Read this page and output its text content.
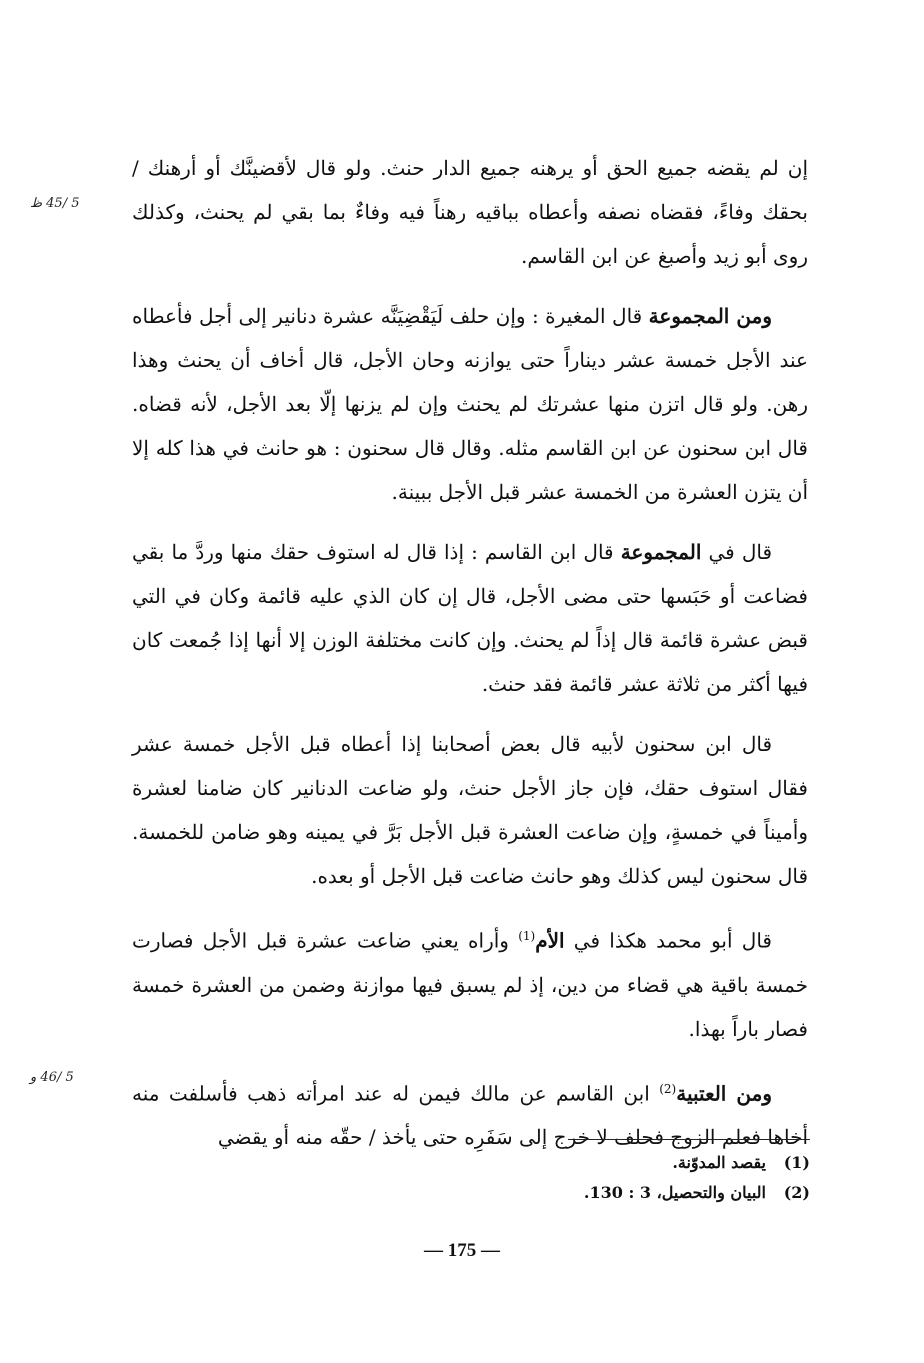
5 /45 ظ
5 /46 و

إن لم يقضه جميع الحق أو يرهنه جميع الدار حنث. ولو قال لأقضينَّك أو أرهنك / بحقك وفاءً، فقضاه نصفه وأعطاه بباقيه رهناً فيه وفاءٌ بما بقي لم يحنث، وكذلك روى أبو زيد وأصبغ عن ابن القاسم.

ومن المجموعة قال المغيرة : وإن حلف لَيَقْضِيَنَّه عشرة دنانير إلى أجل فأعطاه عند الأجل خمسة عشر ديناراً حتى يوازنه وحان الأجل، قال أخاف أن يحنث وهذا رهن. ولو قال اتزن منها عشرتك لم يحنث وإن لم يزنها إلّا بعد الأجل، لأنه قضاه. قال ابن سحنون عن ابن القاسم مثله. وقال قال سحنون : هو حانث في هذا كله إلا أن يتزن العشرة من الخمسة عشر قبل الأجل ببينة.

قال في المجموعة قال ابن القاسم : إذا قال له استوف حقك منها وردَّ ما بقي فضاعت أو حَبَسها حتى مضى الأجل، قال إن كان الذي عليه قائمة وكان في التي قبض عشرة قائمة قال إذاً لم يحنث. وإن كانت مختلفة الوزن إلا أنها إذا جُمعت كان فيها أكثر من ثلاثة عشر قائمة فقد حنث.

قال ابن سحنون لأبيه قال بعض أصحابنا إذا أعطاه قبل الأجل خمسة عشر فقال استوف حقك، فإن جاز الأجل حنث، ولو ضاعت الدنانير كان ضامنا لعشرة وأميناً في خمسةٍ، وإن ضاعت العشرة قبل الأجل بَرَّ في يمينه وهو ضامن للخمسة. قال سحنون ليس كذلك وهو حانث ضاعت قبل الأجل أو بعده.

قال أبو محمد هكذا في الأم$^{(1)}$ وأراه يعني ضاعت عشرة قبل الأجل فصارت خمسة باقية هي قضاء من دين، إذ لم يسبق فيها موازنة وضمن من العشرة خمسة فصار باراً بهذا.

ومن العتبية$^{(2)}$ ابن القاسم عن مالك فيمن له عند امرأته ذهب فأسلفت منه أخاها فعلم الزوج فحلف لا خرج إلى سَفَرِه حتى يأخذ / حقّه منه أو يقضي

(1)
يقصد المدوّنة.
(2)
البيان والتحصيل، 3 : 130.
— 175 —
